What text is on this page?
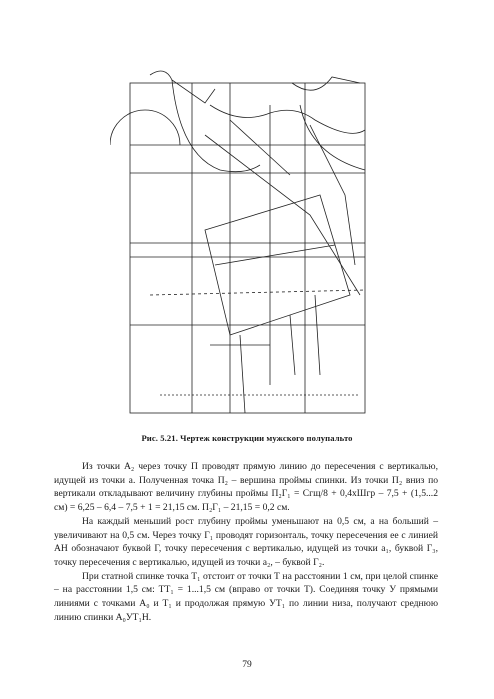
Рис. 5.21. Чертеж конструкции мужского полупальто

Из точки А₂ через точку П проводят прямую линию до пересечения с вертикалью, идущей из точки а. Полученная точка П₂ – вершина проймы спинки. Из точки П₂ вниз по вертикали откладывают величину глубины проймы П₂Г₁ = Сгщ/8 + 0,4хШгр – 7,5 + (1,5...2 см) = 6,25 – 6,4 – 7,5 + 1 = 21,15 см. П₂Г₁ – 21,15 = 0,2 см.

На каждый меньший рост глубину проймы уменьшают на 0,5 см, а на больший – увеличивают на 0,5 см. Через точку Г₁ проводят горизонталь, точку пересечения ее с линией АН обозначают буквой Г, точку пересечения с вертикалью, идущей из точки а₁, буквой Г₃, точку пересечения с вертикалью, идущей из точки а₂, – буквой Г₂.

При статной спинке точка Т₁ отстоит от точки Т на расстоянии 1 см, при целой спинке – на расстоянии 1,5 см: ТТ₁ = 1...1,5 см (вправо от точки Т). Соединяя точку У прямыми линиями с точками А₀ и Т₁ и продолжая прямую УТ₁ по линии низа, получают среднюю линию спинки А₀УТ₁Н.

79
